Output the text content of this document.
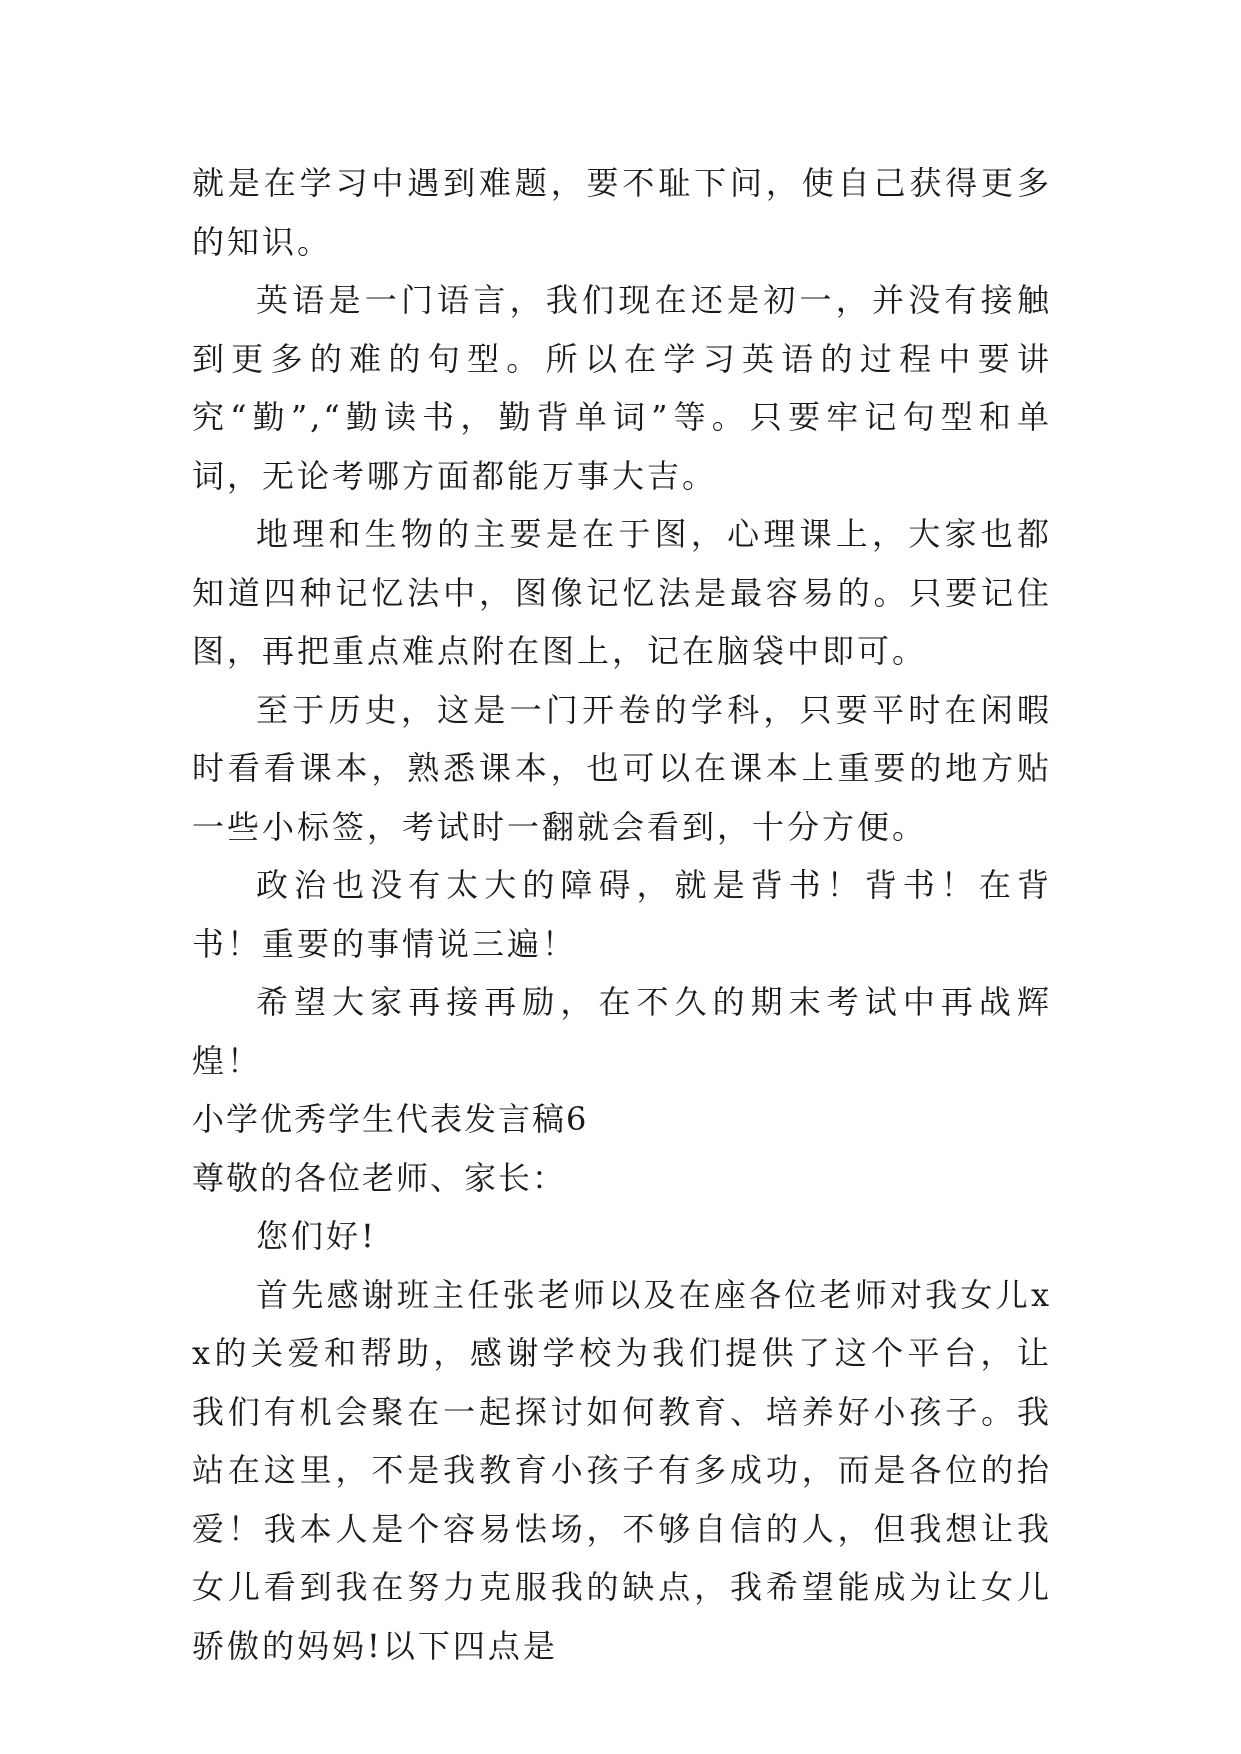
就是在学习中遇到难题，要不耻下问，使自己获得更多的知识。

英语是一门语言，我们现在还是初一，并没有接触到更多的难的句型。所以在学习英语的过程中要讲究“勤”,“勤读书，勤背单词”等。只要牢记句型和单词，无论考哪方面都能万事大吉。

地理和生物的主要是在于图，心理课上，大家也都知道四种记忆法中，图像记忆法是最容易的。只要记住图，再把重点难点附在图上，记在脑袋中即可。

至于历史，这是一门开卷的学科，只要平时在闲暇时看看课本，熟悉课本，也可以在课本上重要的地方贴一些小标签，考试时一翻就会看到，十分方便。

政治也没有太大的障碍，就是背书！背书！在背书！重要的事情说三遍！

希望大家再接再励，在不久的期末考试中再战辉煌！

小学优秀学生代表发言稿6

尊敬的各位老师、家长：

您们好!

首先感谢班主任张老师以及在座各位老师对我女儿xx的关爱和帮助，感谢学校为我们提供了这个平台，让我们有机会聚在一起探讨如何教育、培养好小孩子。我站在这里，不是我教育小孩子有多成功，而是各位的抬爱！我本人是个容易怯场，不够自信的人，但我想让我女儿看到我在努力克服我的缺点，我希望能成为让女儿骄傲的妈妈!以下四点是
